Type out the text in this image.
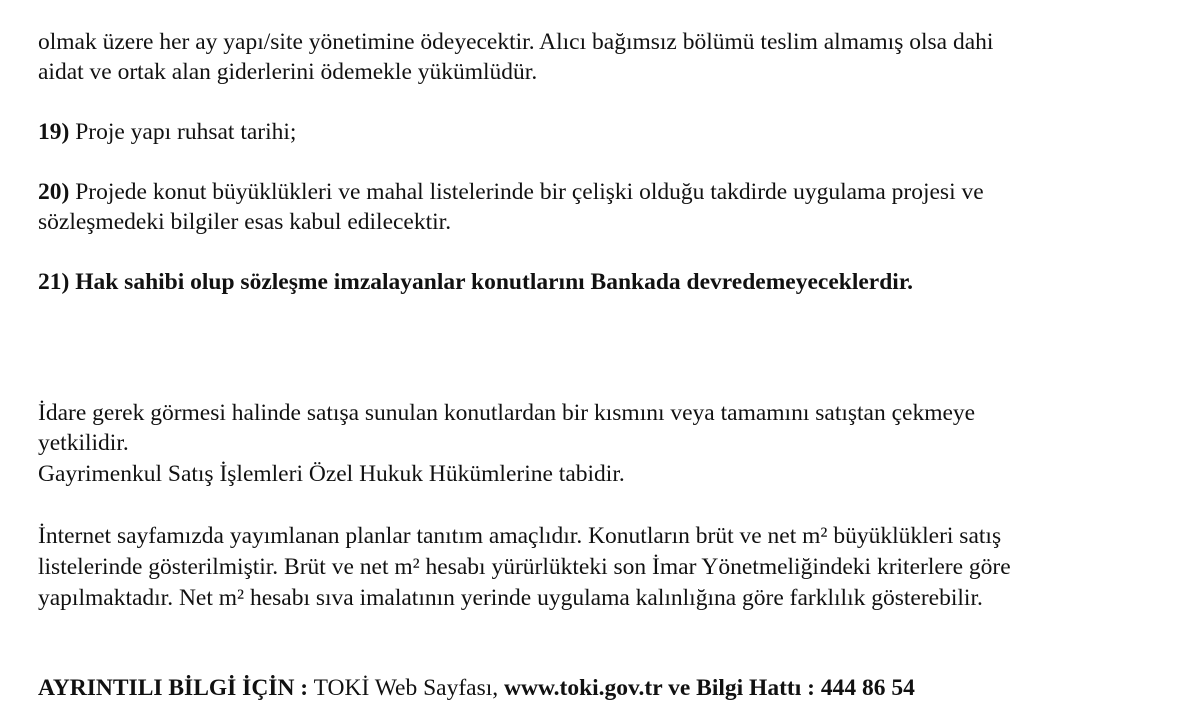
olmak üzere her ay yapı/site yönetimine ödeyecektir. Alıcı bağımsız bölümü teslim almamış olsa dahi
aidat ve ortak alan giderlerini ödemekle yükümlüdür.
19) Proje yapı ruhsat tarihi;
20) Projede konut büyüklükleri ve mahal listelerinde bir çelişki olduğu takdirde uygulama projesi ve
sözleşmedeki bilgiler esas kabul edilecektir.
21) Hak sahibi olup sözleşme imzalayanlar konutlarını Bankada devredemeyeceklerdir.
İdare gerek görmesi halinde satışa sunulan konutlardan bir kısmını veya tamamını satıştan çekmeye
yetkilidir.
Gayrimenkul Satış İşlemleri Özel Hukuk Hükümlerine tabidir.
İnternet sayfamızda yayımlanan planlar tanıtım amaçlıdır. Konutların brüt ve net m² büyüklükleri satış
listelerinde gösterilmiştir. Brüt ve net m² hesabı yürürlükteki son İmar Yönetmeliğindeki kriterlere göre
yapılmaktadır. Net m² hesabı sıva imalatının yerinde uygulama kalınlığına göre farklılık gösterebilir.
AYRINTILI BİLGİ İÇİN : TOKİ Web Sayfası, www.toki.gov.tr ve Bilgi Hattı : 444 86 54
